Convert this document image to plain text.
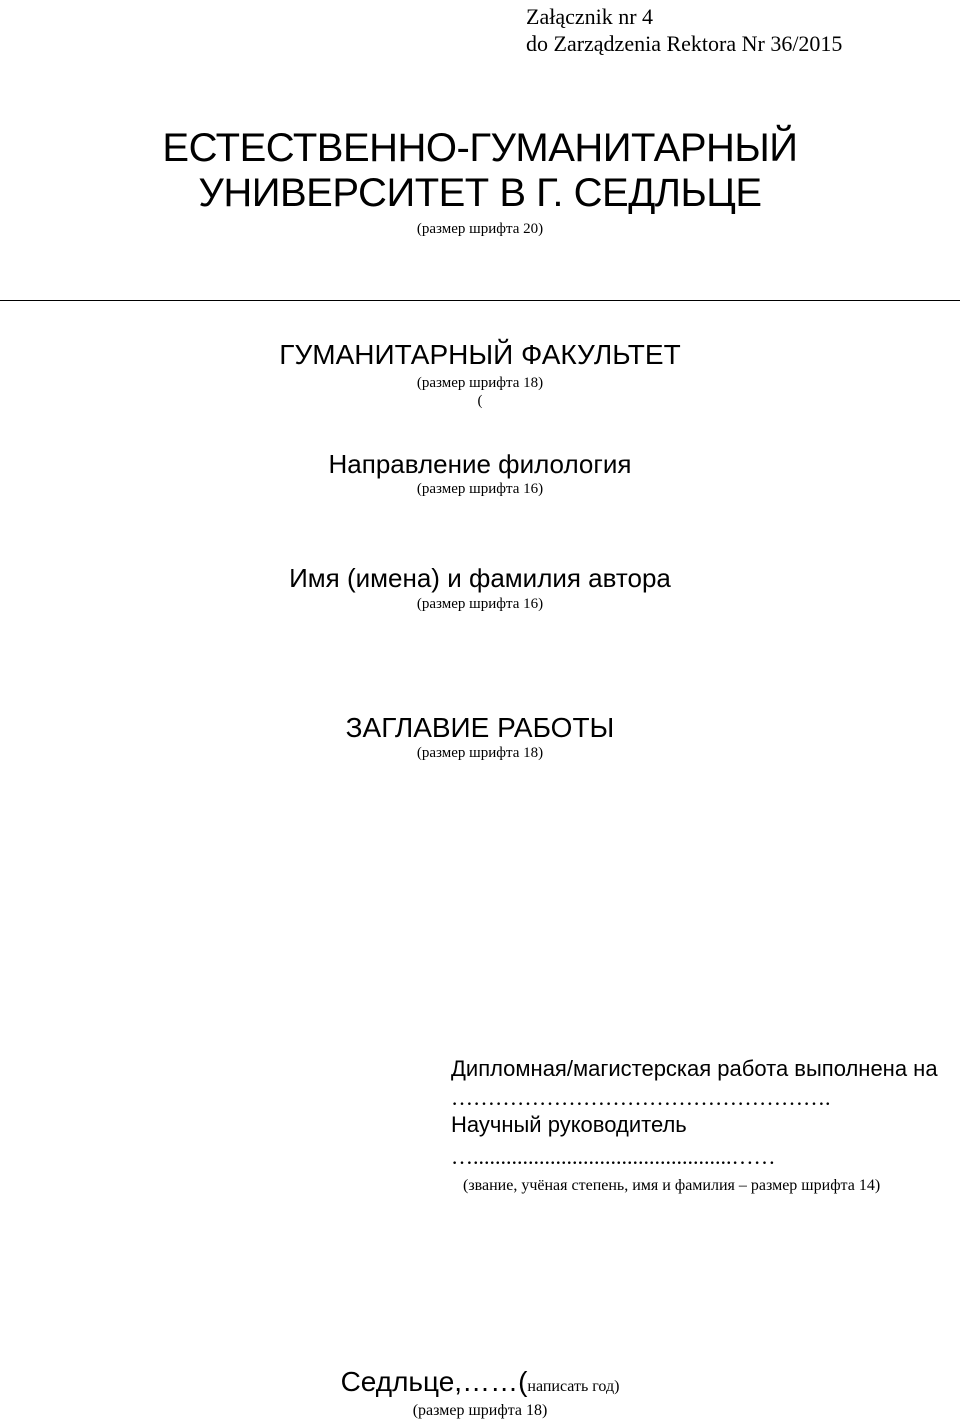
Załącznik nr 4
do Zarządzenia Rektora Nr 36/2015
ЕСТЕСТВЕННО-ГУМАНИТАРНЫЙ
УНИВЕРСИТЕТ В Г. СЕДЛЬЦЕ
(размер шрифта 20)
ГУМАНИТАРНЫЙ ФАКУЛЬТЕТ
(размер шрифта 18)
(
Направление филология
(размер шрифта 16)
Имя (имена) и фамилия автора
(размер шрифта 16)
ЗАГЛАВИЕ РАБОТЫ
(размер шрифта 18)
Дипломная/магистерская работа выполнена на
…………………………………………….
Научный руководитель
…...............................................……
(звание, учёная степень, имя и фамилия – размер шрифта 14)
Седльце,……(написать год)
(размер шрифта 18)
